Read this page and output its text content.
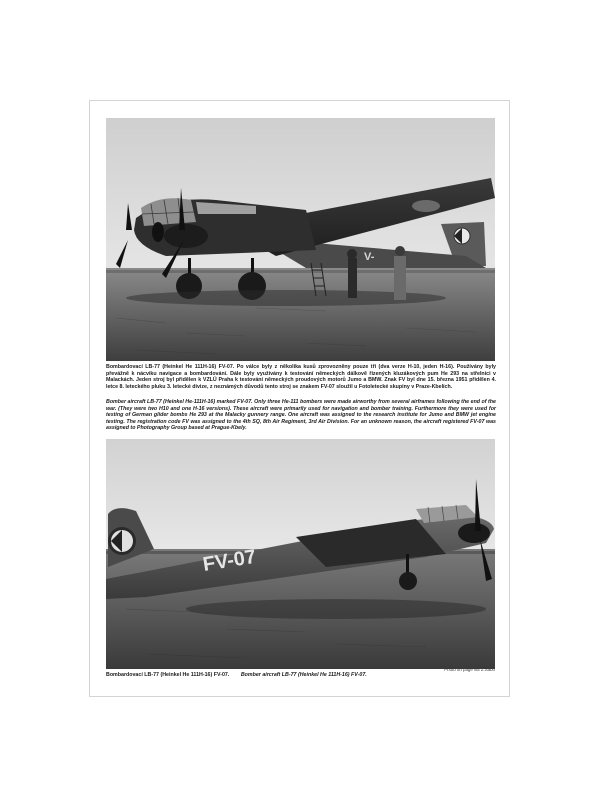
V-

Bombardovací LB-77 (Heinkel He 111H-16) FV-07. Po válce byly z několika kusů zprovozněny pouze tři (dva verze H-10, jeden H-16). Používány byly převážně k nácviku navigace a bombardování. Dále byly využívány k testování německých dálkově řízených kluzákových pum He 293 na střelnici v Malackách. Jeden stroj byl přidělen k VZLÚ Praha k testování německých proudových motorů Jumo a BMW. Znak FV byl dne 15. března 1951 přidělen 4. letce 8. leteckého pluku 3. letecké divize, z neznámých důvodů tento stroj se znakem FV-07 sloužil u Fotoletecké skupiny v Praze-Kbelích.

Bomber aircraft LB-77 (Heinkel He-111H-16) marked FV-07. Only three He-111 bombers were made airworthy from several airframes following the end of the war. (They were two H10 and one H-16 versions). These aircraft were primarily used for navigation and bomber training. Furthermore they were used for testing of German glider bombs He 293 at the Malacky gunnery range. One aircraft was assigned to the research institute for Jumo and BMW jet engine testing. The registration code FV was assigned to the 4th SQ, 8th Air Regiment, 3rd Air Division. For an unknown reason, the aircraft registered FV-07 was assigned to Photography Group based at Prague-Kbely.

FV-07
Photo on page via Z.Šabo
Bombardovací LB-77 (Heinkel He 111H-16) FV-07. Bomber aircraft LB-77 (Heinkel He 111H-16) FV-07.
